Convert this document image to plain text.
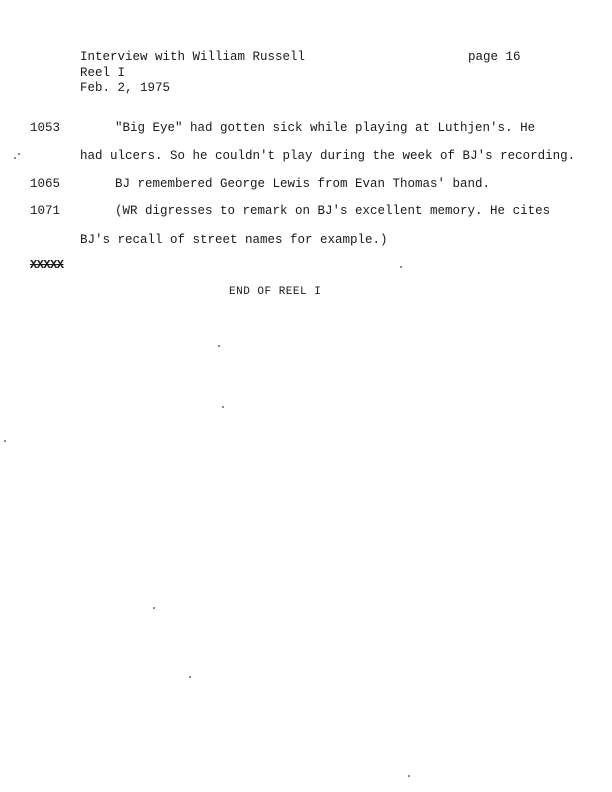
Interview with William Russell
Reel I
Feb. 2, 1975
page 16
1053	"Big Eye" had gotten sick while playing at Luthjen's. He
had ulcers. So he couldn't play during the week of BJ's recording.
1065	BJ remembered George Lewis from Evan Thomas' band.
1071	(WR digresses to remark on BJ's excellent memory. He cites
BJ's recall of street names for example.)
XXXXX
END OF REEL I
